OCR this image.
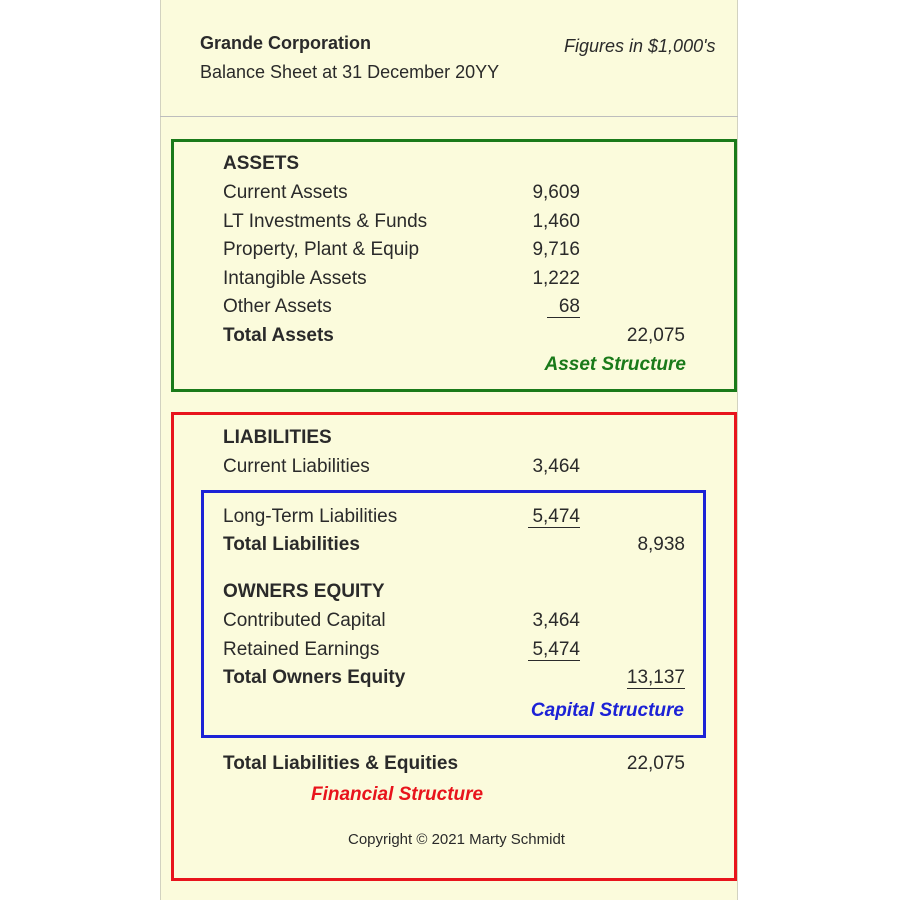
Grande Corporation
Balance Sheet at 31 December 20YY
Figures in $1,000's
ASSETS
Current Assets	9,609
LT Investments & Funds	1,460
Property, Plant & Equip	9,716
Intangible Assets	1,222
Other Assets	68
Total Assets	22,075
Asset Structure
LIABILITIES
Current Liabilities	3,464
Long-Term Liabilities	5,474
Total Liabilities	8,938
OWNERS EQUITY
Contributed Capital	3,464
Retained Earnings	5,474
Total Owners Equity	13,137
Capital Structure
Total Liabilities & Equities	22,075
Financial Structure
Copyright © 2021 Marty Schmidt
